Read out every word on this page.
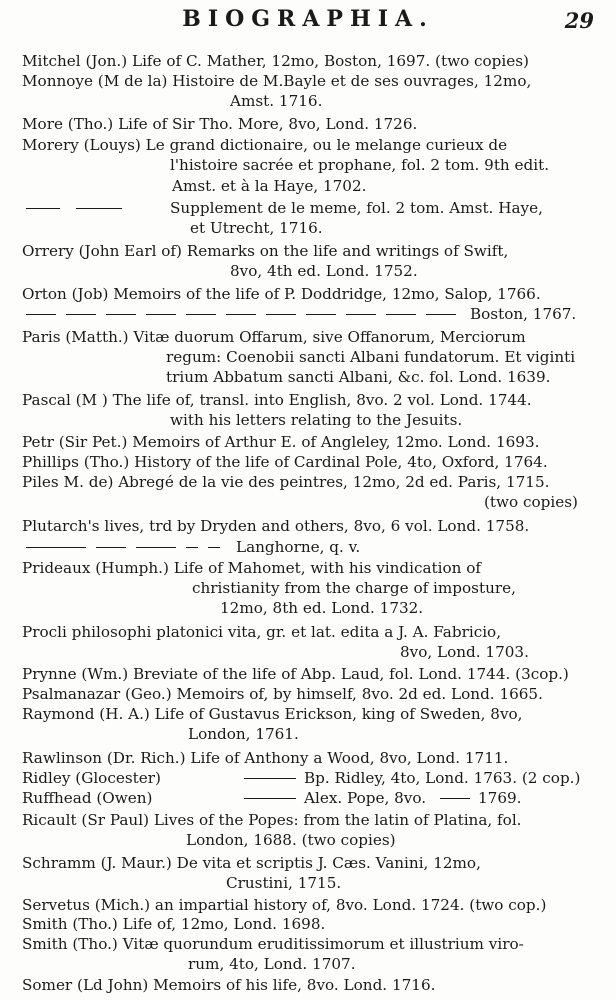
BIOGRAPHIA.	29
Mitchel (Jon.) Life of C. Mather, 12mo, Boston, 1697. (two copies)
Monnoye (M de la) Histoire de M.Bayle et de ses ouvrages, 12mo,
Amst. 1716.
More (Tho.) Life of Sir Tho. More, 8vo, Lond. 1726.
Morery (Louys) Le grand dictionaire, ou le melange curieux de
l'histoire sacrée et prophane, fol. 2 tom. 9th edit.
Amst. et à la Haye, 1702.
Supplement de le meme, fol. 2 tom. Amst. Haye,
et Utrecht, 1716.
Orrery (John Earl of) Remarks on the life and writings of Swift,
8vo, 4th ed. Lond. 1752.
Orton (Job) Memoirs of the life of P. Doddridge, 12mo, Salop, 1766.
Boston, 1767.
Paris (Matth.) Vitæ duorum Offarum, sive Offanorum, Merciorum
regum: Coenobii sancti Albani fundatorum. Et viginti
trium Abbatum sancti Albani, &c. fol. Lond. 1639.
Pascal (M ) The life of, transl. into English, 8vo. 2 vol. Lond. 1744.
with his letters relating to the Jesuits.
Petr (Sir Pet.) Memoirs of Arthur E. of Angleley, 12mo. Lond. 1693.
Phillips (Tho.) History of the life of Cardinal Pole, 4to, Oxford, 1764.
Piles M. de) Abregé de la vie des peintres, 12mo, 2d ed. Paris, 1715.
(two copies)
Plutarch's lives, trd by Dryden and others, 8vo, 6 vol. Lond. 1758.
Langhorne, q. v.
Prideaux (Humph.) Life of Mahomet, with his vindication of
christianity from the charge of imposture,
12mo, 8th ed. Lond. 1732.
Procli philosophi platonici vita, gr. et lat. edita a J. A. Fabricio,
8vo, Lond. 1703.
Prynne (Wm.) Breviate of the life of Abp. Laud, fol. Lond. 1744. (3cop.)
Psalmanazar (Geo.) Memoirs of, by himself, 8vo. 2d ed. Lond. 1665.
Raymond (H. A.) Life of Gustavus Erickson, king of Sweden, 8vo,
London, 1761.
Rawlinson (Dr. Rich.) Life of Anthony a Wood, 8vo, Lond. 1711.
Ridley (Glocester)	Bp. Ridley, 4to, Lond. 1763. (2 cop.)
Ruffhead (Owen)	Alex. Pope, 8vo.	1769.
Ricault (Sr Paul) Lives of the Popes: from the latin of Platina, fol.
London, 1688. (two copies)
Schramm (J. Maur.) De vita et scriptis J. Cæs. Vanini, 12mo,
Crustini, 1715.
Servetus (Mich.) an impartial history of, 8vo. Lond. 1724. (two cop.)
Smith (Tho.) Life of, 12mo, Lond. 1698.
Smith (Tho.) Vitæ quorundum eruditissimorum et illustrium viro-
rum, 4to, Lond. 1707.
Somer (Ld John) Memoirs of his life, 8vo. Lond. 1716.
